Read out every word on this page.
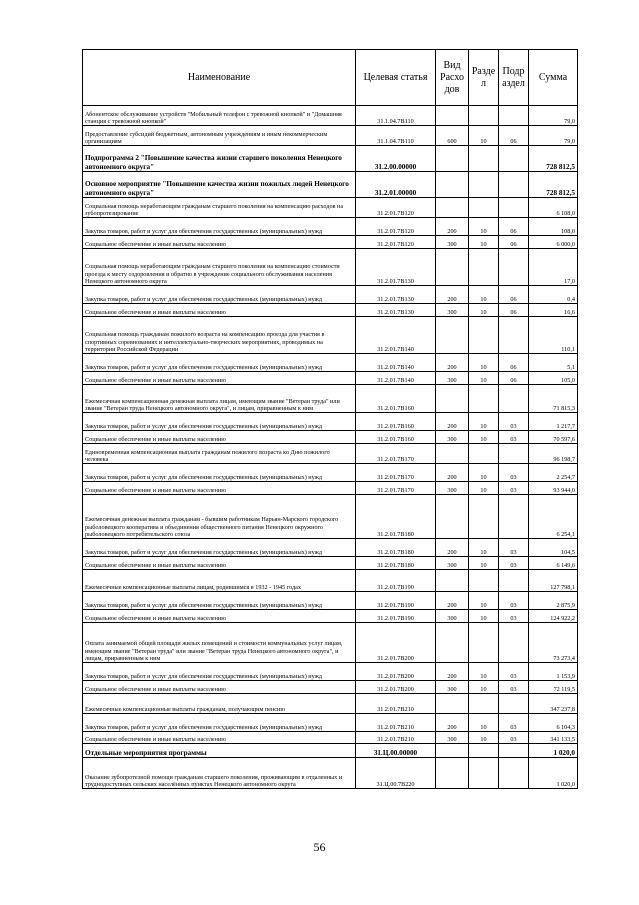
Наименование	Целевая статья	Вид Расхо дов	Разде л	Подр аздел	Сумма
Абонентское обслуживание устройств "Мобильный телефон с тревожной кнопкой" и "Домашняя станция с тревожной кнопкой"	31.1.04.7В110				79,0
Предоставление субсидий бюджетным, автономным учреждениям и иным некоммерческим организациям	31.1.04.7В110	600	10	06	79,0
Подпрограмма 2 "Повышение качества жизни старшего поколения Ненецкого автономного округа"	31.2.00.00000				728 812,5
Основное мероприятие "Повышение качества жизни пожилых людей Ненецкого автономного округа"	31.2.01.00000				728 812,5
Социальная помощь неработающим гражданам старшего поколения на компенсацию расходов на зубопротезирование	31.2.01.7В120				6 108,0
Закупка товаров, работ и услуг для обеспечения государственных (муниципальных) нужд	31.2.01.7В120	200	10	06	108,0
Социальное обеспечение и иные выплаты населению	31.2.01.7В120	300	10	06	6 000,0
Социальная помощь неработающим гражданам старшего поколения на компенсацию стоимости проезда к месту оздоровления и обратно в учреждение социального обслуживания населения Ненецкого автономного округа	31.2.01.7В130				17,0
Закупка товаров, работ и услуг для обеспечения государственных (муниципальных) нужд	31.2.01.7В130	200	10	06	0,4
Социальное обеспечение и иные выплаты населению	31.2.01.7В130	300	10	06	16,6
Социальная помощь гражданам пожилого возраста на компенсацию проезда для участия в спортивных соревнованиях и интеллектуально-творческих мероприятиях, проводимых на территории Российской Федерации	31.2.01.7В140				110,1
Закупка товаров, работ и услуг для обеспечения государственных (муниципальных) нужд	31.2.01.7В140	200	10	06	5,1
Социальное обеспечение и иные выплаты населению	31.2.01.7В140	300	10	06	105,0
Ежемесячная компенсационная денежная выплата лицам, имеющим звание "Ветеран труда" или звание "Ветеран труда Ненецкого автономного округа", и лицам, приравненным к ним	31.2.01.7В160				71 815,3
Закупка товаров, работ и услуг для обеспечения государственных (муниципальных) нужд	31.2.01.7В160	200	10	03	1 217,7
Социальное обеспечение и иные выплаты населению	31.2.01.7В160	300	10	03	70 597,6
Единовременная компенсационная выплата гражданам пожилого возраста ко Дню пожилого человека	31.2.01.7В170				96 198,7
Закупка товаров, работ и услуг для обеспечения государственных (муниципальных) нужд	31.2.01.7В170	200	10	03	2 254,7
Социальное обеспечение и иные выплаты населению	31.2.01.7В170	300	10	03	93 944,0
Ежемесячная денежная выплата гражданам - бывшим работникам Нарьян-Марского городского рыболовецкого кооператива и объединения общественного питания Ненецкого окружного рыболовецкого потребительского союза	31.2.01.7В180				6 254,1
Закупка товаров, работ и услуг для обеспечения государственных (муниципальных) нужд	31.2.01.7В180	200	10	03	104,5
Социальное обеспечение и иные выплаты населению	31.2.01.7В180	300	10	03	6 149,6
Ежемесячные компенсационные выплаты лицам, родившимся в 1932 - 1945 годах	31.2.01.7В190				127 798,1
Закупка товаров, работ и услуг для обеспечения государственных (муниципальных) нужд	31.2.01.7В190	200	10	03	2 875,9
Социальное обеспечение и иные выплаты населению	31.2.01.7В190	300	10	03	124 922,2
Оплата занимаемой общей площади жилых помещений и стоимости коммунальных услуг лицам, имеющим звание "Ветеран труда" или звание "Ветеран труда Ненецкого автономного округа", и лицам, приравненным к ним	31.2.01.7В200				73 273,4
Закупка товаров, работ и услуг для обеспечения государственных (муниципальных) нужд	31.2.01.7В200	200	10	03	1 153,9
Социальное обеспечение и иные выплаты населению	31.2.01.7В200	300	10	03	72 119,5
Ежемесячные компенсационные выплаты гражданам, получающим пенсию	31.2.01.7В210				347 237,8
Закупка товаров, работ и услуг для обеспечения государственных (муниципальных) нужд	31.2.01.7В210	200	10	03	6 104,3
Социальное обеспечение и иные выплаты населению	31.2.01.7В210	300	10	03	341 133,5
Отдельные мероприятия программы	31.Ц.00.00000				1 020,0
Оказание зубопротезной помощи гражданам старшего поколения, проживающим в отдаленных и труднодоступных сельских населённых пунктах Ненецкого автономного округа	31.Ц.00.7В220				1 020,0
56
